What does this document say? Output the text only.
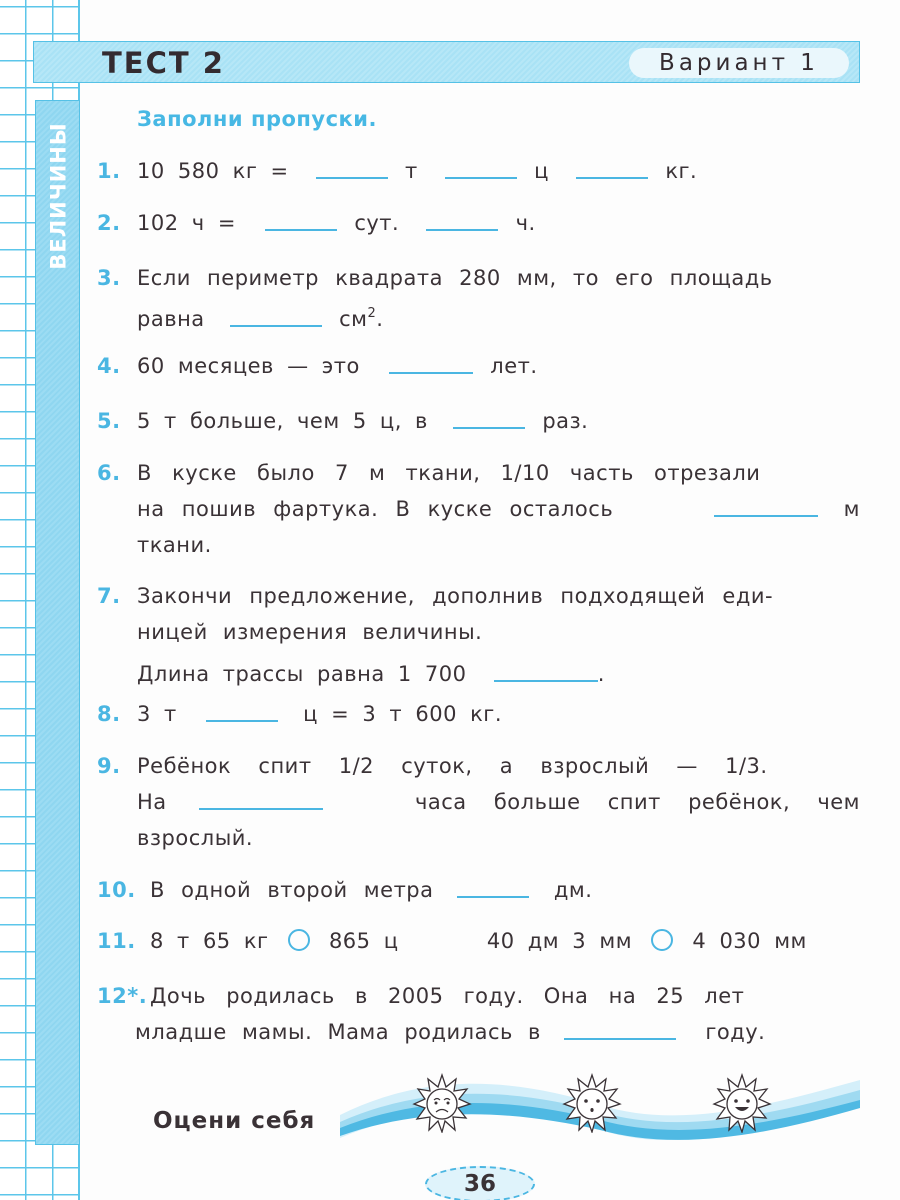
ВЕЛИЧИНЫ
ТЕСТ 2	Вариант 1
Заполни пропуски.
1. 10 580 кг =	т	ц	кг.
2. 102 ч =	сут.	ч.
3. Если периметр квадрата 280 мм, то его площадь
равна	$см^2$.
4. 60 месяцев — это	лет.
5. 5 т больше, чем 5 ц, в	раз.
6. В куске было 7 м ткани, 1/10 часть отрезали
на пошив фартука. В куске осталось	м
ткани.
7. Закончи предложение, дополнив подходящей еди-
ницей измерения величины.
Длина трассы равна 1 700	.
8. 3 т	ц = 3 т 600 кг.
9. Ребёнок спит 1/2 суток, а взрослый — 1/3.
На	часа больше спит ребёнок, чем
взрослый.
10. В одной второй метра	дм.
11. 8 т 65 кг	865 ц	40 дм 3 мм	4 030 мм
12*. Дочь родилась в 2005 году. Она на 25 лет
младше мамы. Мама родилась в	году.
Оцени себя
36
